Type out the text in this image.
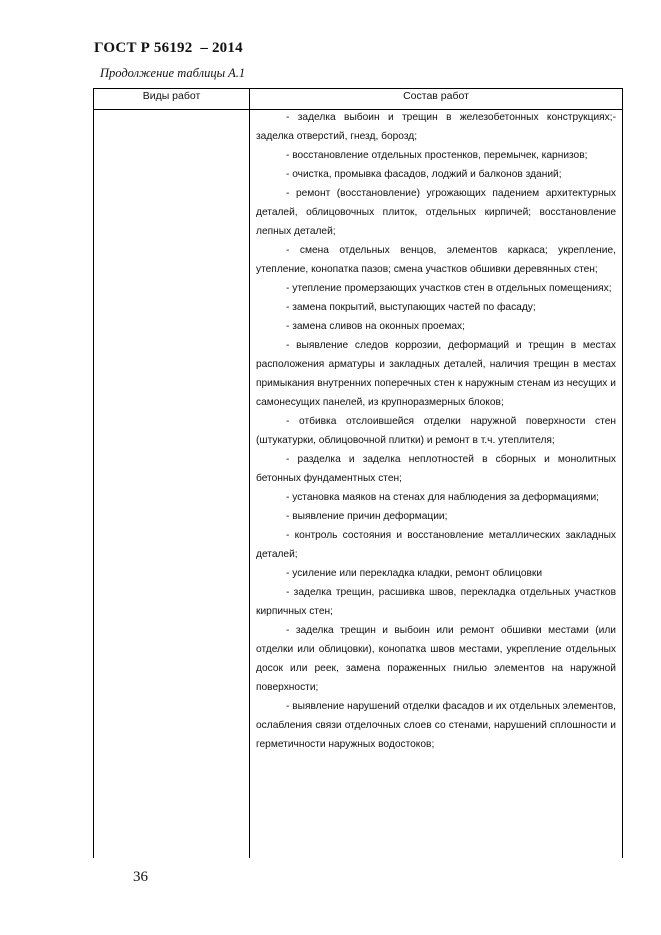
ГОСТ Р 56192  – 2014
Продолжение таблицы А.1
Виды работ	Состав работ

- заделка выбоин и трещин в железобетонных конструкциях;- заделка отверстий, гнезд, борозд;

- восстановление отдельных простенков, перемычек, карнизов;

- очистка, промывка фасадов, лоджий и балконов зданий;

- ремонт (восстановление) угрожающих падением архитектурных деталей, облицовочных плиток, отдельных кирпичей; восстановление лепных деталей;

- смена отдельных венцов, элементов каркаса; укрепление, утепление, конопатка пазов; смена участков обшивки деревянных стен;

- утепление промерзающих участков стен в отдельных помещениях;

- замена покрытий, выступающих частей по фасаду;

- замена сливов на оконных проемах;

- выявление следов коррозии, деформаций и трещин в местах расположения арматуры и закладных деталей, наличия трещин в местах примыкания внутренних поперечных стен к наружным стенам из несущих и самонесущих панелей, из крупноразмерных блоков;

- отбивка отслоившейся отделки наружной поверхности стен (штукатурки, облицовочной плитки) и ремонт в т.ч. утеплителя;

- разделка и заделка неплотностей в сборных и монолитных бетонных фундаментных стен;

- установка маяков на стенах для наблюдения за деформациями;

- выявление причин деформации;

- контроль состояния и восстановление металлических закладных деталей;

- усиление или перекладка кладки, ремонт облицовки

- заделка трещин, расшивка швов, перекладка отдельных участков кирпичных стен;

- заделка трещин и выбоин или ремонт обшивки местами (или отделки или облицовки), конопатка швов местами, укрепление отдельных досок или реек, замена пораженных гнилью элементов на наружной поверхности;

- выявление нарушений отделки фасадов и их отдельных элементов, ослабления связи отделочных слоев со стенами, нарушений сплошности и герметичности наружных водостоков;

36
